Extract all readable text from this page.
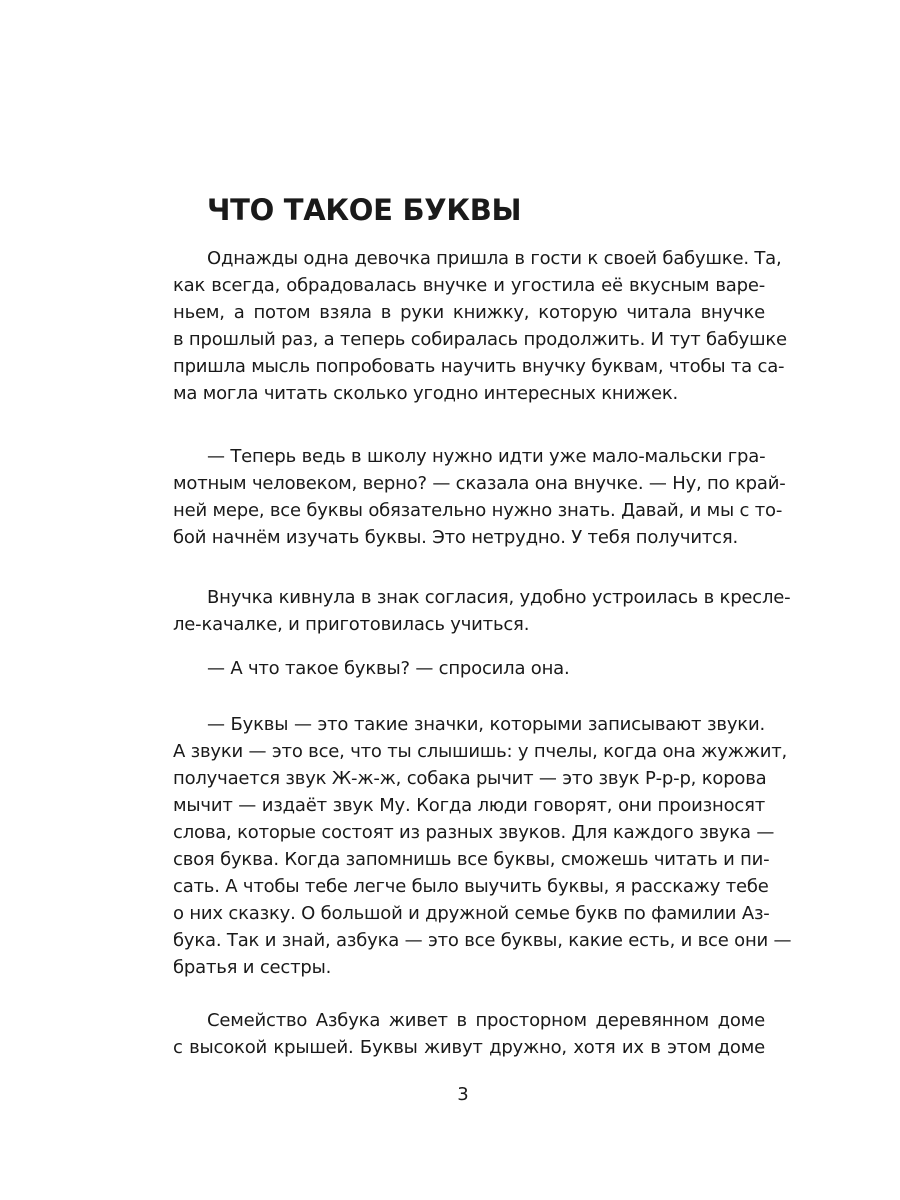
ЧТО ТАКОЕ БУКВЫ

Однажды одна девочка пришла в гости к своей бабушке. Та,
как всегда, обрадовалась внучке и угостила её вкусным варе-
ньем, а потом взяла в руки книжку, которую читала внучке
в прошлый раз, а теперь собиралась продолжить. И тут бабушке
пришла мысль попробовать научить внучку буквам, чтобы та са-
ма могла читать сколько угодно интересных книжек.

— Теперь ведь в школу нужно идти уже мало-мальски гра-
мотным человеком, верно? — сказала она внучке. — Ну, по край-
ней мере, все буквы обязательно нужно знать. Давай, и мы с то-
бой начнём изучать буквы. Это нетрудно. У тебя получится.

Внучка кивнула в знак согласия, удобно устроилась в кресле-
ле-качалке, и приготовилась учиться.

— А что такое буквы? — спросила она.

— Буквы — это такие значки, которыми записывают звуки.
А звуки — это все, что ты слышишь: у пчелы, когда она жужжит,
получается звук Ж-ж-ж, собака рычит — это звук Р-р-р, корова
мычит — издаёт звук Му. Когда люди говорят, они произносят
слова, которые состоят из разных звуков. Для каждого звука —
своя буква. Когда запомнишь все буквы, сможешь читать и пи-
сать. А чтобы тебе легче было выучить буквы, я расскажу тебе
о них сказку. О большой и дружной семье букв по фамилии Аз-
бука. Так и знай, азбука — это все буквы, какие есть, и все они —
братья и сестры.

Семейство Азбука живет в просторном деревянном доме
с высокой крышей. Буквы живут дружно, хотя их в этом доме

3
